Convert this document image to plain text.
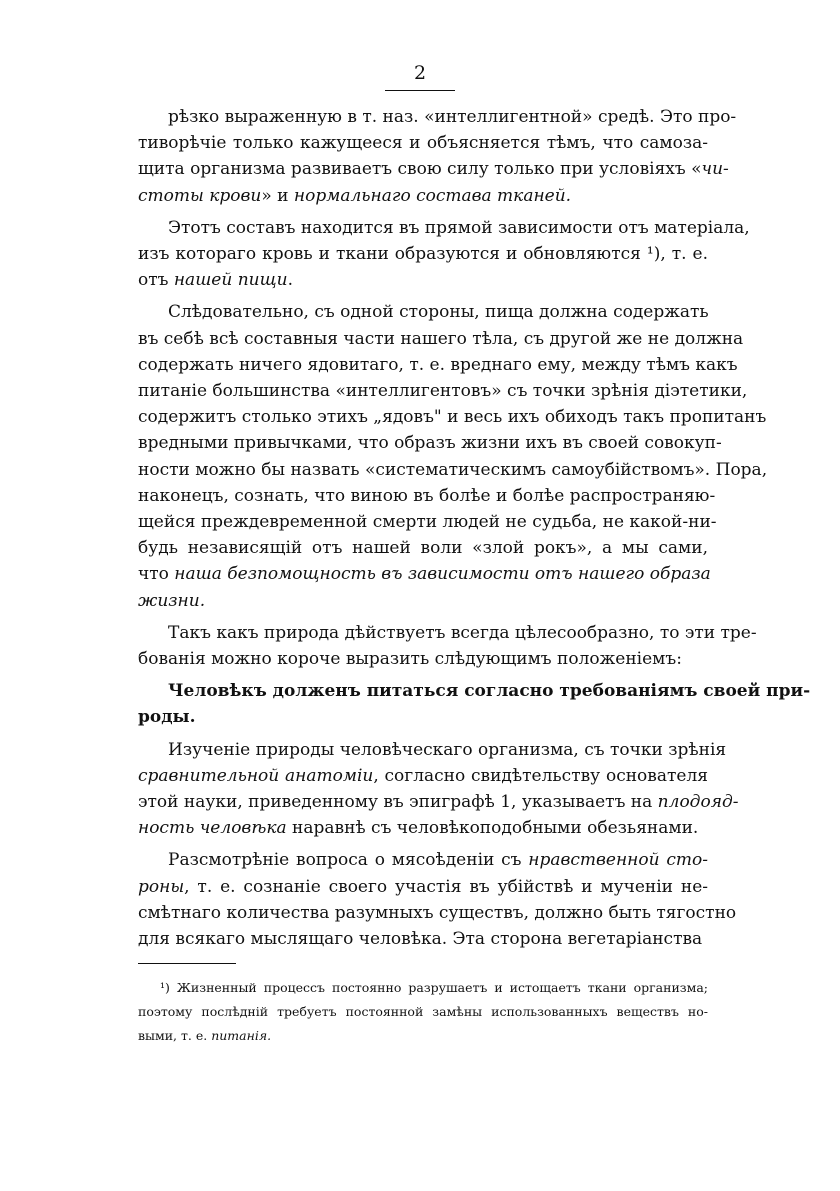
2
рѣзко выраженную в т. наз. «интеллигентной» средѣ. Это про-
тиворѣчіе только кажущееся и объясняется тѣмъ, что самоза-
щита организма развиваетъ свою силу только при условіяхъ «чи-
стоты крови» и нормальнаго состава тканей.
Этотъ составъ находится въ прямой зависимости отъ матеріала,
изъ котораго кровь и ткани образуются и обновляются ¹), т. е.
отъ нашей пищи.
Слѣдовательно, съ одной стороны, пища должна содержать
въ себѣ всѣ составныя части нашего тѣла, съ другой же не должна
содержать ничего ядовитаго, т. е. вреднаго ему, между тѣмъ какъ
питаніе большинства «интеллигентовъ» съ точки зрѣнія діэтетики,
содержитъ столько этихъ „ядовъ" и весь ихъ обиходъ такъ пропитанъ
вредными привычками, что образъ жизни ихъ въ своей совокуп-
ности можно бы назвать «систематическимъ самоубійствомъ». Пора,
наконецъ, сознать, что виною въ болѣе и болѣе распространяю-
щейся преждевременной смерти людей не судьба, не какой-ни-
будь независящій отъ нашей воли «злой рокъ», а мы сами,
что наша безпомощность въ зависимости отъ нашего образа
жизни.
Такъ какъ природа дѣйствуетъ всегда цѣлесообразно, то эти тре-
бованія можно короче выразить слѣдующимъ положеніемъ:
Человѣкъ долженъ питаться согласно требованіямъ своей при-
роды.
Изученіе природы человѣческаго организма, съ точки зрѣнія
сравнительной анатоміи, согласно свидѣтельству основателя
этой науки, приведенному въ эпиграфѣ 1, указываетъ на плодояд-
ность человѣка наравнѣ съ человѣкоподобными обезьянами.
Разсмотрѣніе вопроса о мясоѣденіи съ нравственной сто-
роны, т. е. сознаніе своего участія въ убійствѣ и мученіи не-
смѣтнаго количества разумныхъ существъ, должно быть тягостно
для всякаго мыслящаго человѣка. Эта сторона вегетаріанства
¹) Жизненный процессъ постоянно разрушаетъ и истощаетъ ткани организма;
поэтому послѣдній требуетъ постоянной замѣны использованныхъ веществъ но-
выми, т. е. питанія.
